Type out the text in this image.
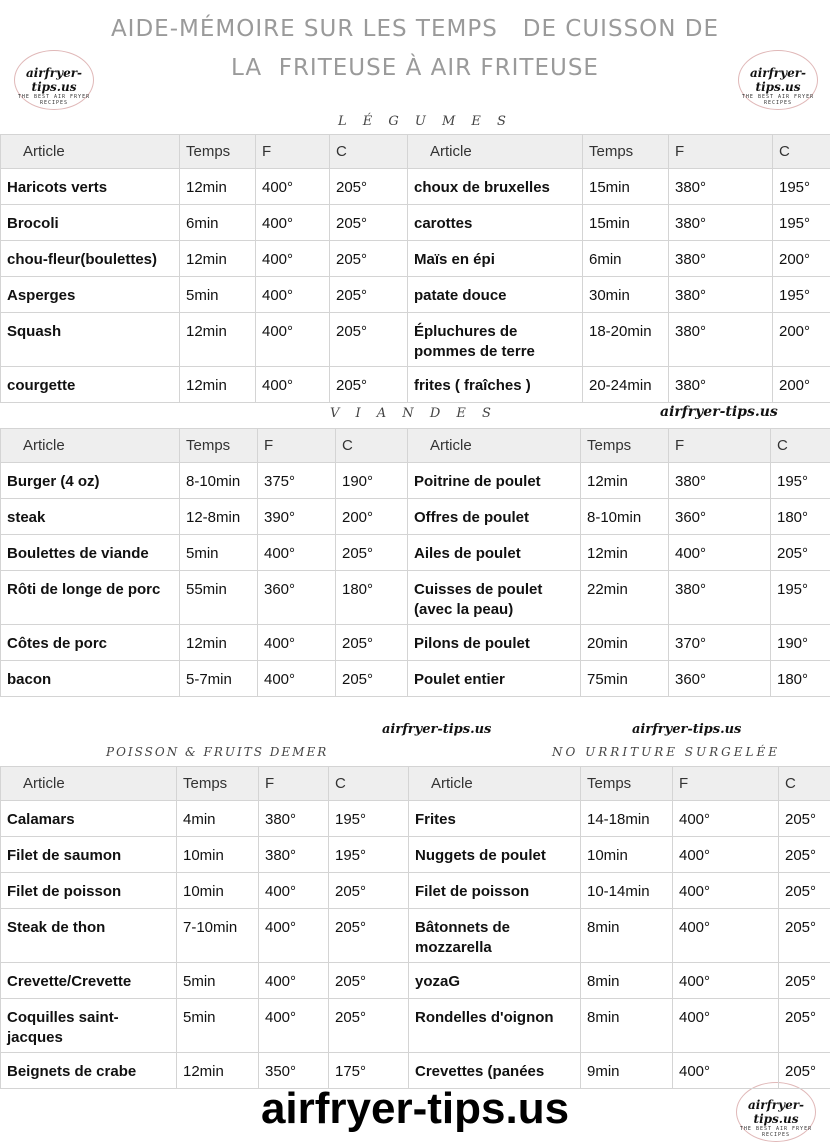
AIDE-MÉMOIRE SUR LES TEMPS   DE CUISSON DE
LA  FRITEUSE À AIR FRITEUSE
airfryer-tips.us
THE BEST AIR FRYER RECIPES
airfryer-tips.us
THE BEST AIR FRYER RECIPES
airfryer-tips.us
THE BEST AIR FRYER RECIPES
L É G U M E S
Article	Temps	F	C	Article	Temps	F	C
Haricots verts	12min	400°	205°	choux de bruxelles	15min	380°	195°
Brocoli	6min	400°	205°	carottes	15min	380°	195°
chou-fleur(boulettes)	12min	400°	205°	Maïs en épi	6min	380°	200°
Asperges	5min	400°	205°	patate douce	30min	380°	195°
Squash	12min	400°	205°	Épluchures de pommes de terre	18-20min	380°	200°
courgette	12min	400°	205°	frites ( fraîches )	20-24min	380°	200°
V I A N D E S	airfryer-tips.us
Article	Temps	F	C	Article	Temps	F	C
Burger (4 oz)	8-10min	375°	190°	Poitrine de poulet	12min	380°	195°
steak	12-8min	390°	200°	Offres de poulet	8-10min	360°	180°
Boulettes de viande	5min	400°	205°	Ailes de poulet	12min	400°	205°
Rôti de longe de porc	55min	360°	180°	Cuisses de poulet (avec la peau)	22min	380°	195°
Côtes de porc	12min	400°	205°	Pilons de poulet	20min	370°	190°
bacon	5-7min	400°	205°	Poulet entier	75min	360°	180°
airfryer-tips.us	airfryer-tips.us
POISSON & FRUITS DEMER	NO URRITURE SURGELÉE
Article	Temps	F	C	Article	Temps	F	C
Calamars	4min	380°	195°	Frites	14-18min	400°	205°
Filet de saumon	10min	380°	195°	Nuggets de poulet	10min	400°	205°
Filet de poisson	10min	400°	205°	Filet de poisson	10-14min	400°	205°
Steak de thon	7-10min	400°	205°	Bâtonnets de mozzarella	8min	400°	205°
Crevette/Crevette	5min	400°	205°	yozaG	8min	400°	205°
Coquilles saint-jacques	5min	400°	205°	Rondelles d'oignon	8min	400°	205°
Beignets de crabe	12min	350°	175°	Crevettes (panées	9min	400°	205°
airfryer-tips.us
